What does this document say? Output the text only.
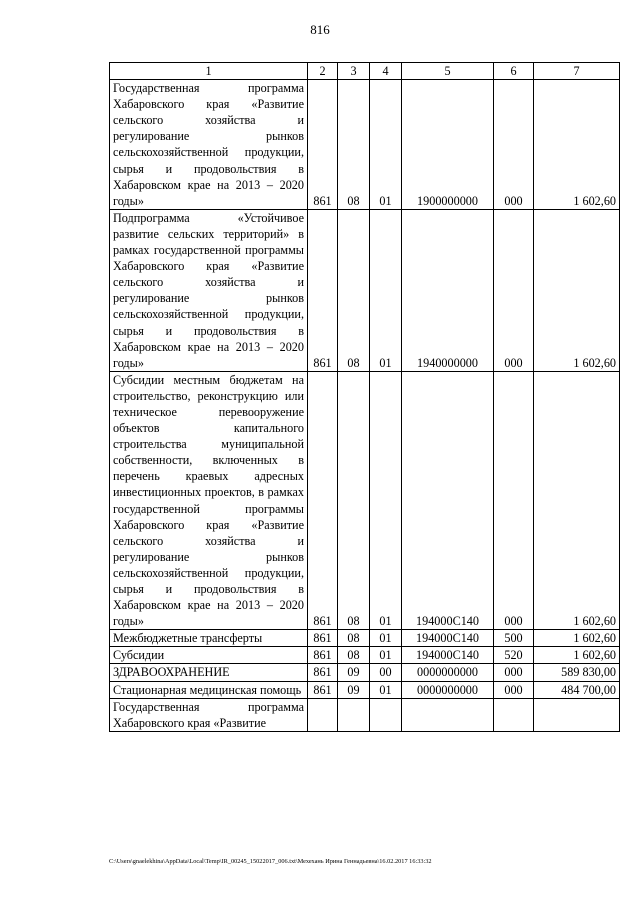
816
1	2	3	4	5	6	7
Государственная программа Хабаровского края «Развитие сельского хозяйства и регулирование рынков сельскохозяйственной продукции, сырья и продовольствия в Хабаровском крае на 2013 – 2020 годы»	861	08	01	1900000000	000	1 602,60
Подпрограмма «Устойчивое развитие сельских территорий» в рамках государственной программы Хабаровского края «Развитие сельского хозяйства и регулирование рынков сельскохозяйственной продукции, сырья и продовольствия в Хабаровском крае на 2013 – 2020 годы»	861	08	01	1940000000	000	1 602,60
Субсидии местным бюджетам на строительство, реконструкцию или техническое перевооружение объектов капитального строительства муниципальной собственности, включенных в перечень краевых адресных инвестиционных проектов, в рамках государственной программы Хабаровского края «Развитие сельского хозяйства и регулирование рынков сельскохозяйственной продукции, сырья и продовольствия в Хабаровском крае на 2013 – 2020 годы»	861	08	01	194000С140	000	1 602,60
Межбюджетные трансферты	861	08	01	194000С140	500	1 602,60
Субсидии	861	08	01	194000С140	520	1 602,60
ЗДРАВООХРАНЕНИЕ	861	09	00	0000000000	000	589 830,00
Стационарная медицинская помощь	861	09	01	0000000000	000	484 700,00
Государственная программа Хабаровского края «Развитие						
C:\Users\gnaelekhina\AppData\Local\Temp\IR_00245_15022017_006.txt\Мехехань Ирина Геннадьевна\16.02.2017 16:33:32
